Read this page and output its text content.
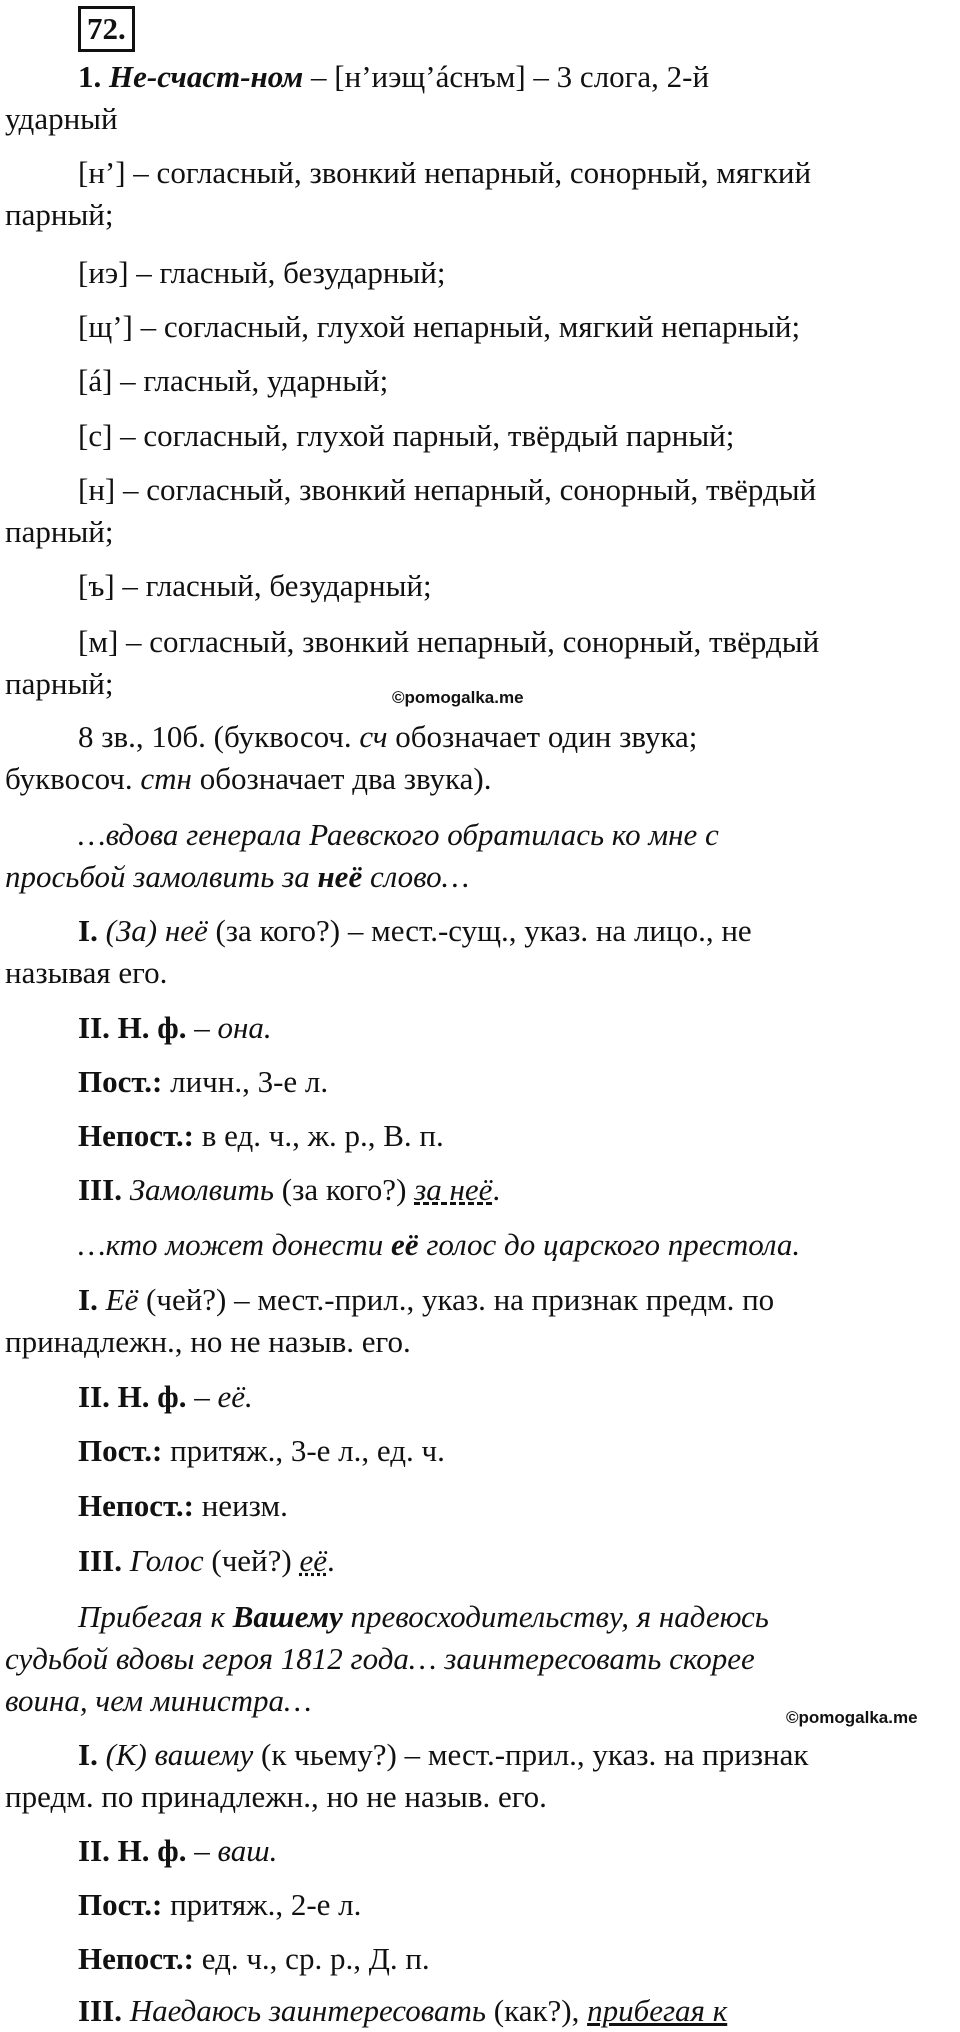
72.
1. Не-счаст-ном – [н’иэщ’áснъм] – 3 слога, 2-й
ударный
[н’] – согласный, звонкий непарный, сонорный, мягкий
парный;
[иэ] – гласный, безударный;
[щ’] – согласный, глухой непарный, мягкий непарный;
[á] – гласный, ударный;
[с] – согласный, глухой парный, твёрдый парный;
[н] – согласный, звонкий непарный, сонорный, твёрдый
парный;
[ъ] – гласный, безударный;
[м] – согласный, звонкий непарный, сонорный, твёрдый
парный;	©pomogalka.me
8 зв., 10б. (буквосоч. сч обозначает один звука;
буквосоч. стн обозначает два звука).
…вдова генерала Раевского обратилась ко мне с
просьбой замолвить за неё слово…
I. (За) неё (за кого?) – мест.-сущ., указ. на лицо., не
называя его.
II. Н. ф. – она.
Пост.: личн., 3-е л.
Непост.: в ед. ч., ж. р., В. п.
III. Замолвить (за кого?) за неё.
…кто может донести её голос до царского престола.
I. Её (чей?) – мест.-прил., указ. на признак предм. по
принадлежн., но не назыв. его.
II. Н. ф. – её.
Пост.: притяж., 3-е л., ед. ч.
Непост.: неизм.
III. Голос (чей?) её.
Прибегая к Вашему превосходительству, я надеюсь
судьбой вдовы героя 1812 года… заинтересовать скорее
воина, чем министра…	©pomogalka.me
I. (К) вашему (к чьему?) – мест.-прил., указ. на признак
предм. по принадлежн., но не назыв. его.
II. Н. ф. – ваш.
Пост.: притяж., 2-е л.
Непост.: ед. ч., ср. р., Д. п.
III. Наедаюсь заинтересовать (как?), прибегая к
